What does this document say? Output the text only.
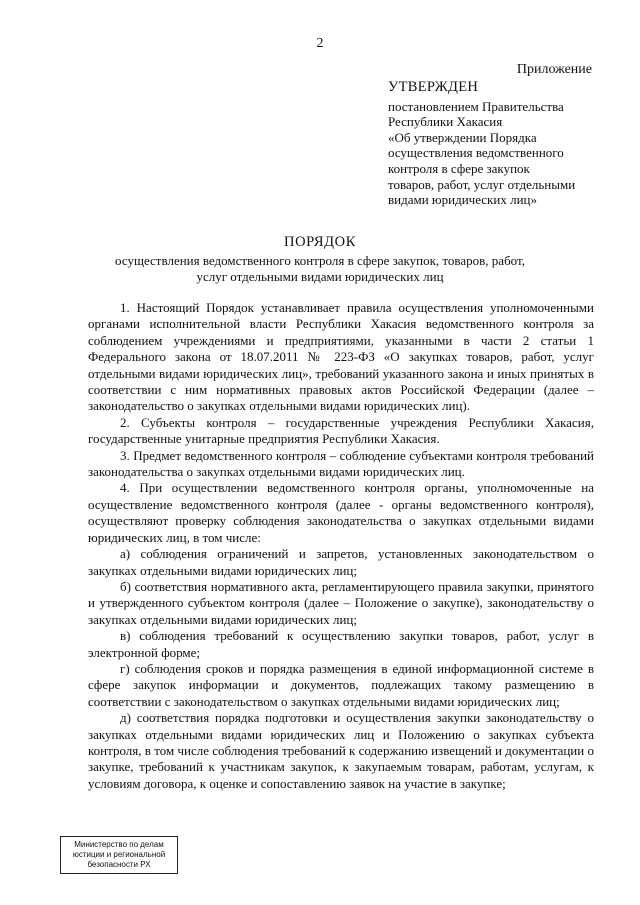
2
Приложение
УТВЕРЖДЕН
постановлением Правительства
Республики Хакасия
«Об утверждении Порядка
осуществления ведомственного
контроля в сфере закупок
товаров, работ, услуг отдельными
видами юридических лиц»
ПОРЯДОК
осуществления ведомственного контроля в сфере закупок, товаров, работ, услуг отдельными видами юридических лиц

1. Настоящий Порядок устанавливает правила осуществления уполномоченными органами исполнительной власти Республики Хакасия ведомственного контроля за соблюдением учреждениями и предприятиями, указанными в части 2 статьи 1 Федерального закона от 18.07.2011 № 223-ФЗ «О закупках товаров, работ, услуг отдельными видами юридических лиц», требований указанного закона и иных принятых в соответствии с ним нормативных правовых актов Российской Федерации (далее – законодательство о закупках отдельными видами юридических лиц).

2. Субъекты контроля – государственные учреждения Республики Хакасия, государственные унитарные предприятия Республики Хакасия.

3. Предмет ведомственного контроля – соблюдение субъектами контроля требований законодательства о закупках отдельными видами юридических лиц.

4. При осуществлении ведомственного контроля органы, уполномоченные на осуществление ведомственного контроля (далее - органы ведомственного контроля), осуществляют проверку соблюдения законодательства о закупках отдельными видами юридических лиц, в том числе:

а) соблюдения ограничений и запретов, установленных законодательством о закупках отдельными видами юридических лиц;

б) соответствия нормативного акта, регламентирующего правила закупки, принятого и утвержденного субъектом контроля (далее – Положение о закупке), законодательству о закупках отдельными видами юридических лиц;

в) соблюдения требований к осуществлению закупки товаров, работ, услуг в электронной форме;

г) соблюдения сроков и порядка размещения в единой информационной системе в сфере закупок информации и документов, подлежащих такому размещению в соответствии с законодательством о закупках отдельными видами юридических лиц;

д) соответствия порядка подготовки и осуществления закупки законодательству о закупках отдельными видами юридических лиц и Положению о закупках субъекта контроля, в том числе соблюдения требований к содержанию извещений и документации о закупке, требований к участникам закупок, к закупаемым товарам, работам, услугам, к условиям договора, к оценке и сопоставлению заявок на участие в закупке;

Министерство по делам
юстиции и региональной
безопасности РХ
